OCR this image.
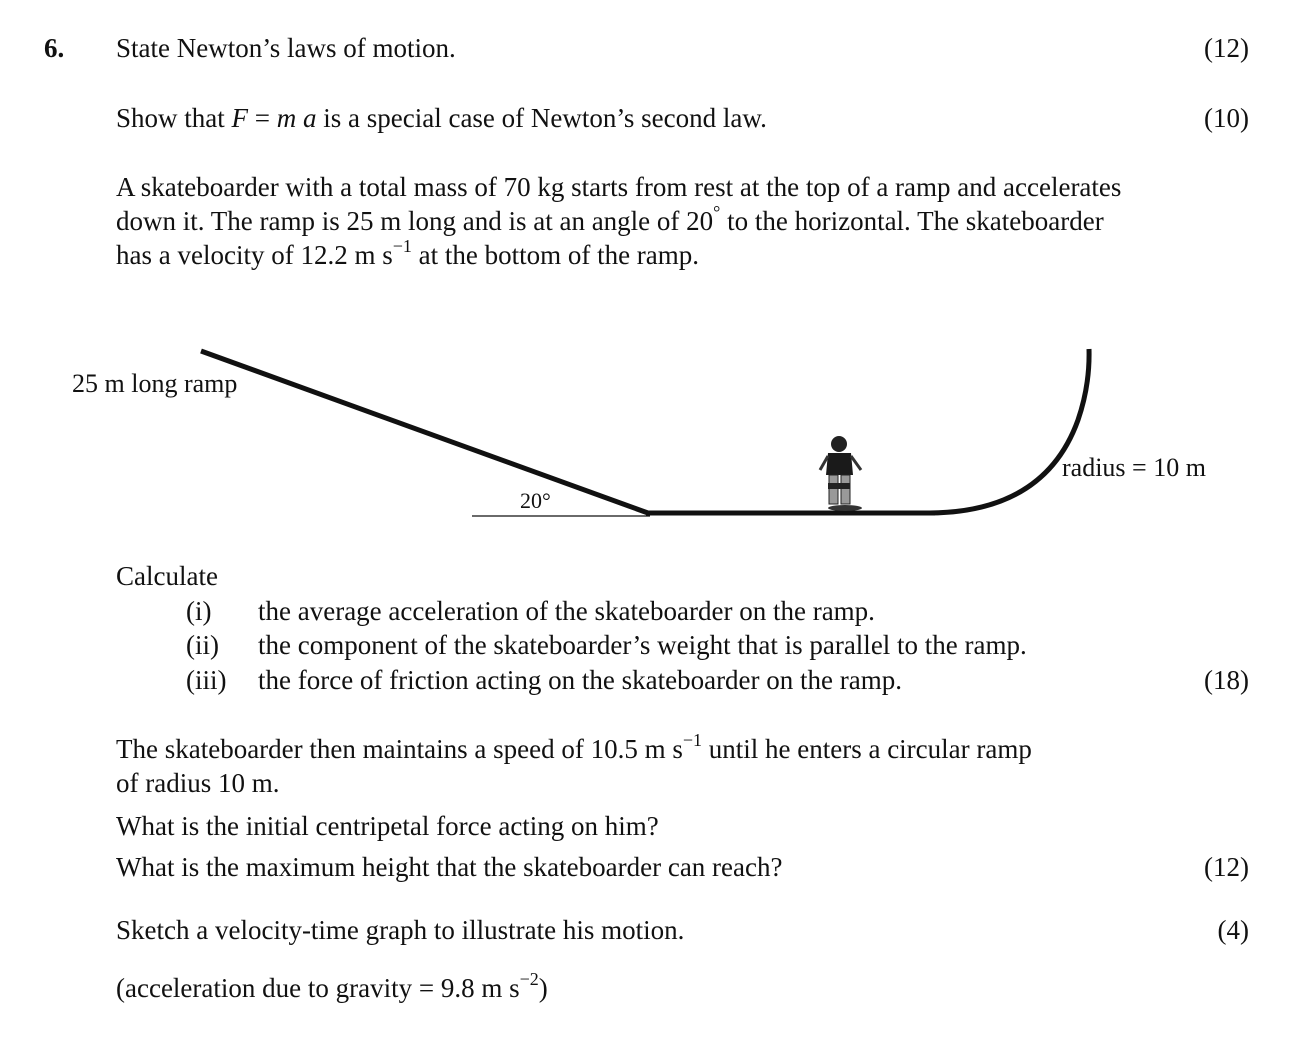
6. State Newton’s laws of motion.	(12)
Show that F = m a is a special case of Newton’s second law.	(10)
A skateboarder with a total mass of 70 kg starts from rest at the top of a ramp and accelerates
down it. The ramp is 25 m long and is at an angle of 20° to the horizontal. The skateboarder
has a velocity of 12.2 m $s^{-1}$ at the bottom of the ramp.
25 m long ramp
20°
radius = 10 m
Calculate
(i) the average acceleration of the skateboarder on the ramp.
(ii) the component of the skateboarder’s weight that is parallel to the ramp.
(iii) the force of friction acting on the skateboarder on the ramp.	(18)
The skateboarder then maintains a speed of 10.5 m $s^{-1}$ until he enters a circular ramp
of radius 10 m.
What is the initial centripetal force acting on him?
What is the maximum height that the skateboarder can reach?	(12)
Sketch a velocity-time graph to illustrate his motion.	(4)
(acceleration due to gravity = 9.8 m $s^{-2}$)
